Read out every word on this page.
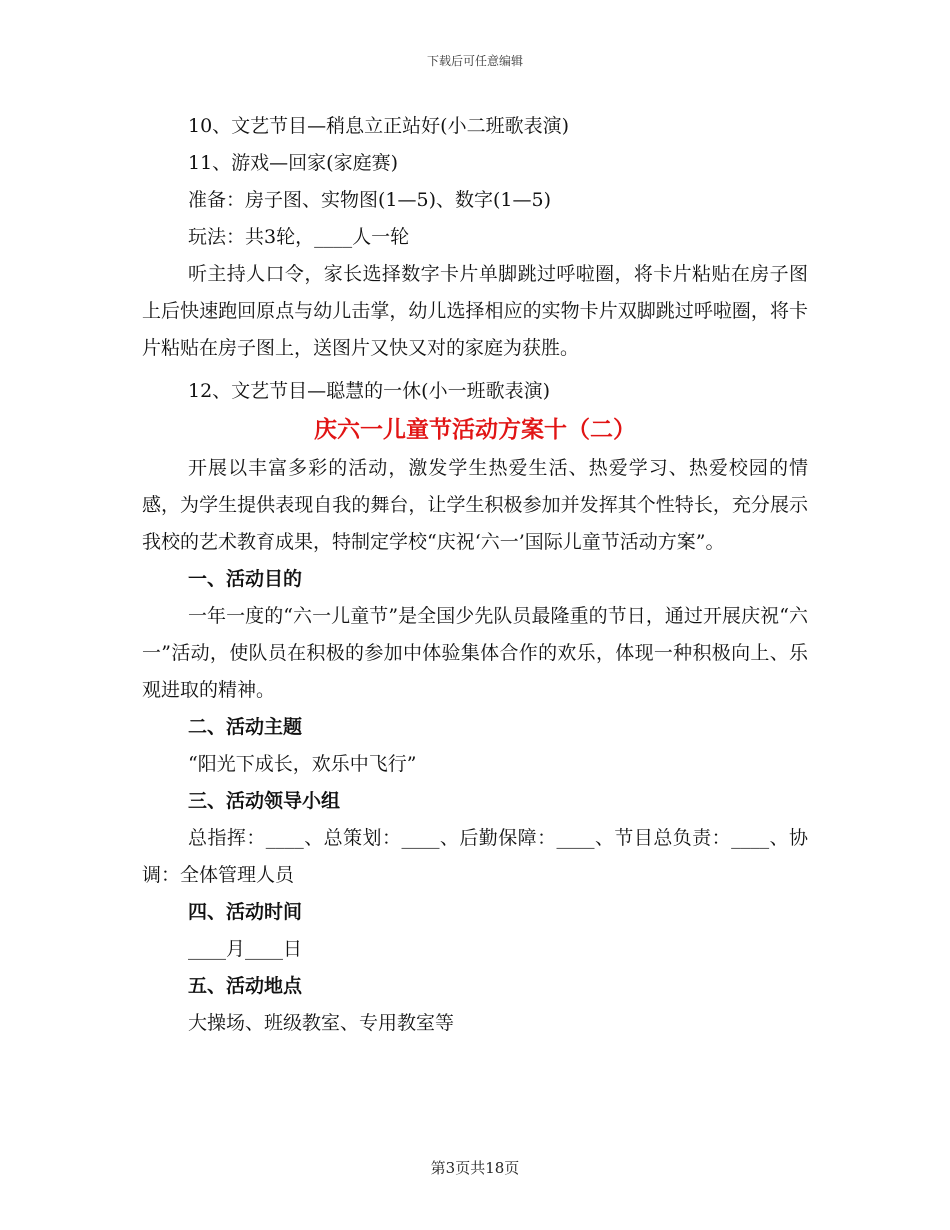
下载后可任意编辑

10、文艺节目—稍息立正站好(小二班歌表演)

11、游戏—回家(家庭赛)

准备：房子图、实物图(1—5)、数字(1—5)

玩法：共3轮，____人一轮

听主持人口令，家长选择数字卡片单脚跳过呼啦圈，将卡片粘贴在房子图上后快速跑回原点与幼儿击掌，幼儿选择相应的实物卡片双脚跳过呼啦圈，将卡片粘贴在房子图上，送图片又快又对的家庭为获胜。

12、文艺节目—聪慧的一休(小一班歌表演)

庆六一儿童节活动方案十（二）

开展以丰富多彩的活动，激发学生热爱生活、热爱学习、热爱校园的情感，为学生提供表现自我的舞台，让学生积极参加并发挥其个性特长，充分展示我校的艺术教育成果，特制定学校“庆祝‘六一’国际儿童节活动方案”。

一、活动目的

一年一度的“六一儿童节”是全国少先队员最隆重的节日，通过开展庆祝“六一”活动，使队员在积极的参加中体验集体合作的欢乐，体现一种积极向上、乐观进取的精神。

二、活动主题

“阳光下成长，欢乐中飞行”

三、活动领导小组

总指挥：____、总策划：____、后勤保障：____、节目总负责：____、协调：全体管理人员

四、活动时间

____月____日

五、活动地点

大操场、班级教室、专用教室等

第3页共18页
